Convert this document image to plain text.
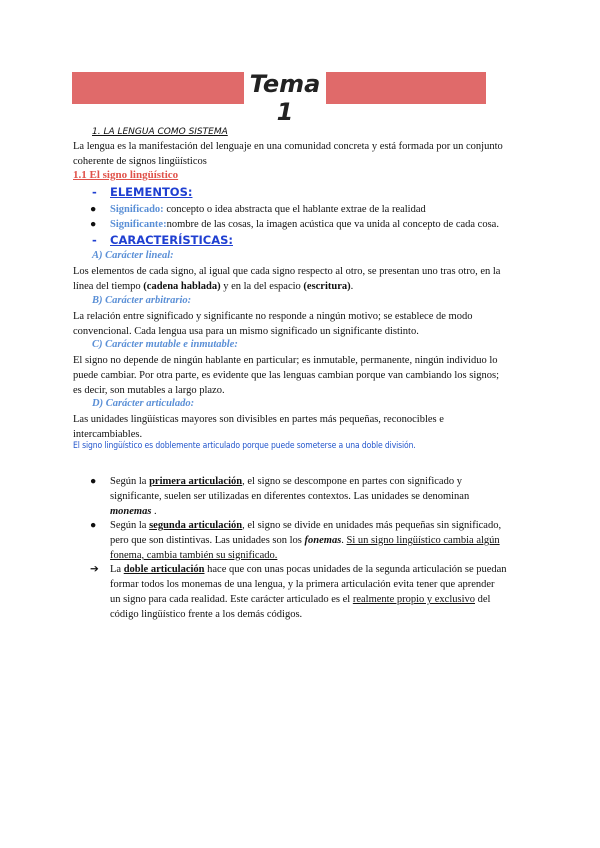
Tema 1
1. LA LENGUA COMO SISTEMA
La lengua es la manifestación del lenguaje en una comunidad concreta y está formada por un conjunto coherente de signos lingüísticos
1.1 El signo lingüístico
- ELEMENTOS:
● Significado: concepto o idea abstracta que el hablante extrae de la realidad
● Significante:nombre de las cosas, la imagen acústica que va unida al concepto de cada cosa.
- CARACTERÍSTICAS:
A) Carácter lineal:
Los elementos de cada signo, al igual que cada signo respecto al otro, se presentan uno tras otro, en la
línea del tiempo (cadena hablada) y en la del espacio (escritura).
B) Carácter arbitrario:
La relación entre significado y significante no responde a ningún motivo; se establece de modo
convencional. Cada lengua usa para un mismo significado un significante distinto.
C) Carácter mutable e inmutable:
El signo no depende de ningún hablante en particular; es inmutable, permanente, ningún individuo lo
puede cambiar. Por otra parte, es evidente que las lenguas cambian porque van cambiando los signos;
es decir, son mutables a largo plazo.
D) Carácter articulado:
Las unidades lingüísticas mayores son divisibles en partes más pequeñas, reconocibles e
intercambiables.
El signo lingüístico es doblemente articulado porque puede someterse a una doble división.
● Según la primera articulación, el signo se descompone en partes con significado y
significante, suelen ser utilizadas en diferentes contextos. Las unidades se denominan
monemas .
● Según la segunda articulación, el signo se divide en unidades más pequeñas sin significado,
pero que son distintivas. Las unidades son los fonemas. Si un signo lingüístico cambia algún
fonema, cambia también su significado.
➔ La doble articulación hace que con unas pocas unidades de la segunda articulación se puedan
formar todos los monemas de una lengua, y la primera articulación evita tener que aprender
un signo para cada realidad. Este carácter articulado es el realmente propio y exclusivo del
código lingüístico frente a los demás códigos.
